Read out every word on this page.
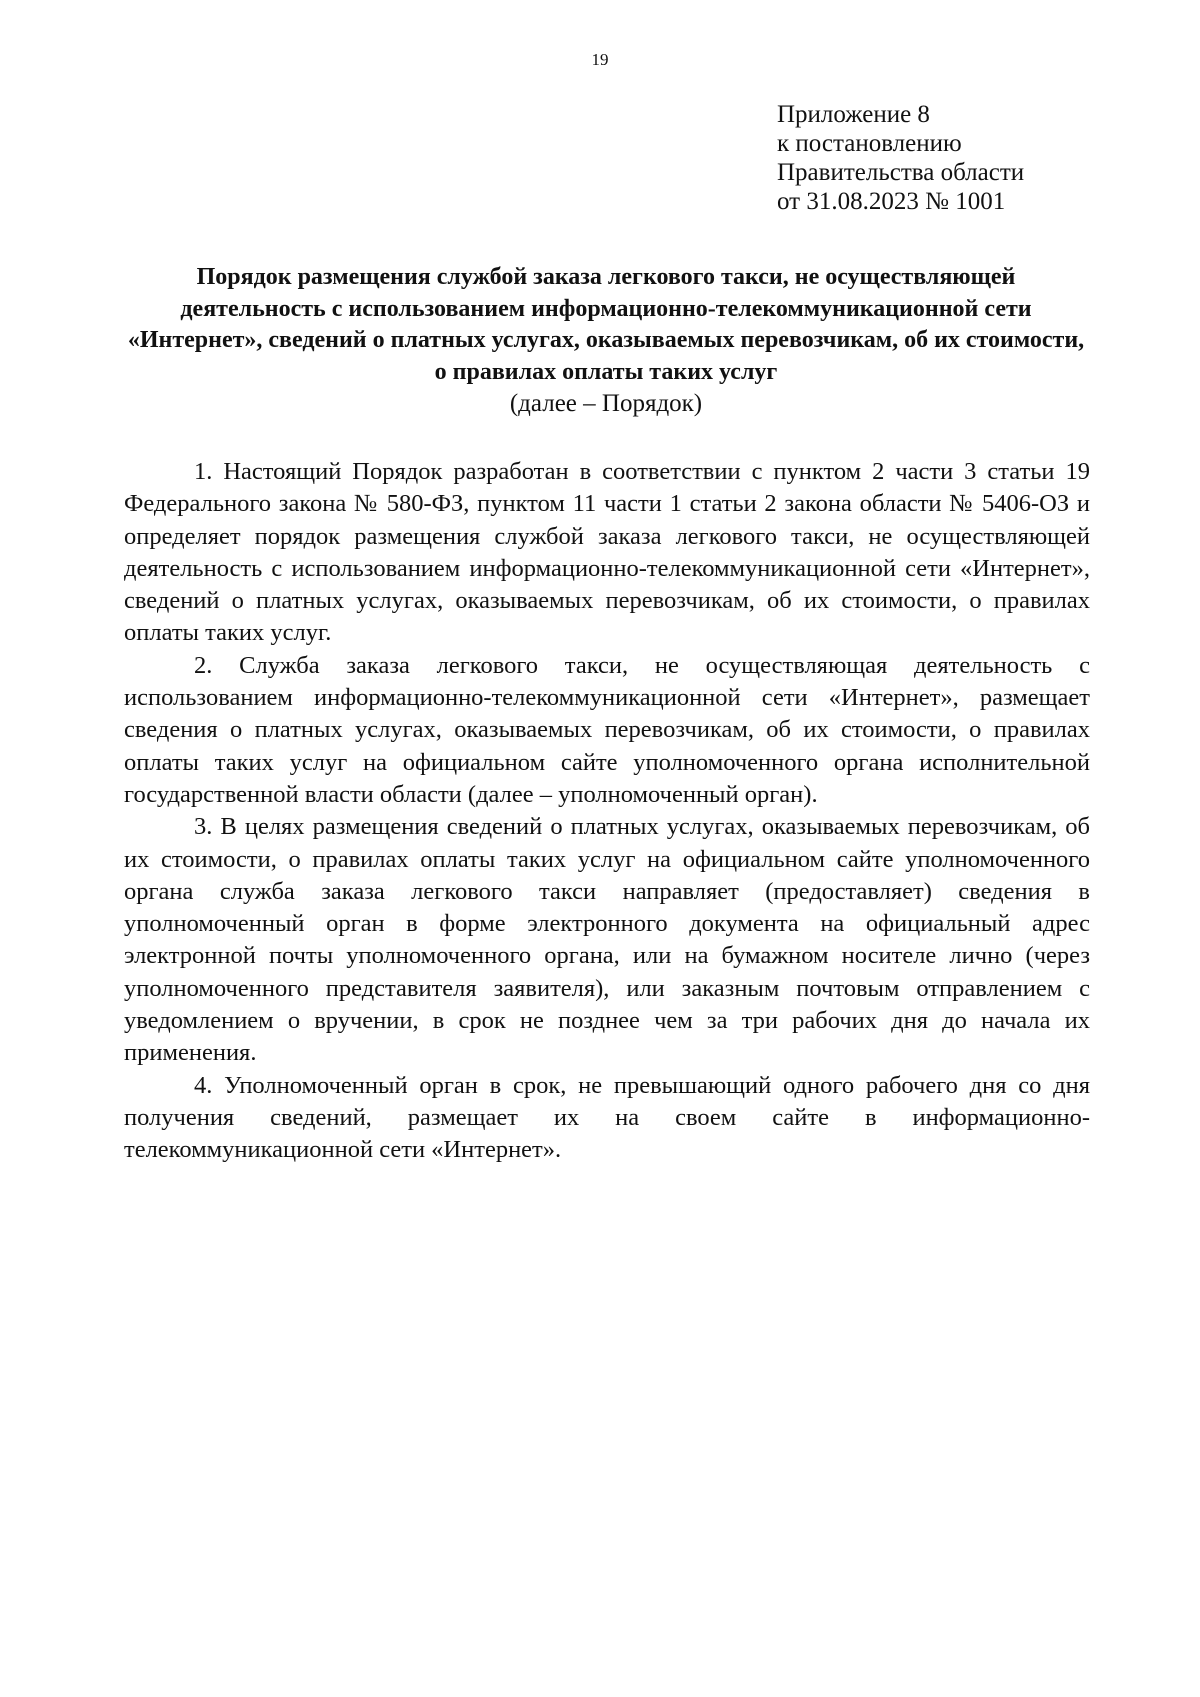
19
Приложение 8
к постановлению
Правительства области
от 31.08.2023 № 1001
Порядок размещения службой заказа легкового такси, не осуществляющей деятельность с использованием информационно-телекоммуникационной сети «Интернет», сведений о платных услугах, оказываемых перевозчикам, об их стоимости, о правилах оплаты таких услуг
(далее – Порядок)

1. Настоящий Порядок разработан в соответствии с пунктом 2 части 3 статьи 19 Федерального закона № 580-ФЗ, пунктом 11 части 1 статьи 2 закона области № 5406-ОЗ и определяет порядок размещения службой заказа легкового такси, не осуществляющей деятельность с использованием информационно-телекоммуникационной сети «Интернет», сведений о платных услугах, оказываемых перевозчикам, об их стоимости, о правилах оплаты таких услуг.

2. Служба заказа легкового такси, не осуществляющая деятельность с использованием информационно-телекоммуникационной сети «Интернет», размещает сведения о платных услугах, оказываемых перевозчикам, об их стоимости, о правилах оплаты таких услуг на официальном сайте уполномоченного органа исполнительной государственной власти области (далее – уполномоченный орган).

3. В целях размещения сведений о платных услугах, оказываемых перевозчикам, об их стоимости, о правилах оплаты таких услуг на официальном сайте уполномоченного органа служба заказа легкового такси направляет (предоставляет) сведения в уполномоченный орган в форме электронного документа на официальный адрес электронной почты уполномоченного органа, или на бумажном носителе лично (через уполномоченного представителя заявителя), или заказным почтовым отправлением с уведомлением о вручении, в срок не позднее чем за три рабочих дня до начала их применения.

4. Уполномоченный орган в срок, не превышающий одного рабочего дня со дня получения сведений, размещает их на своем сайте в информационно-телекоммуникационной сети «Интернет».
